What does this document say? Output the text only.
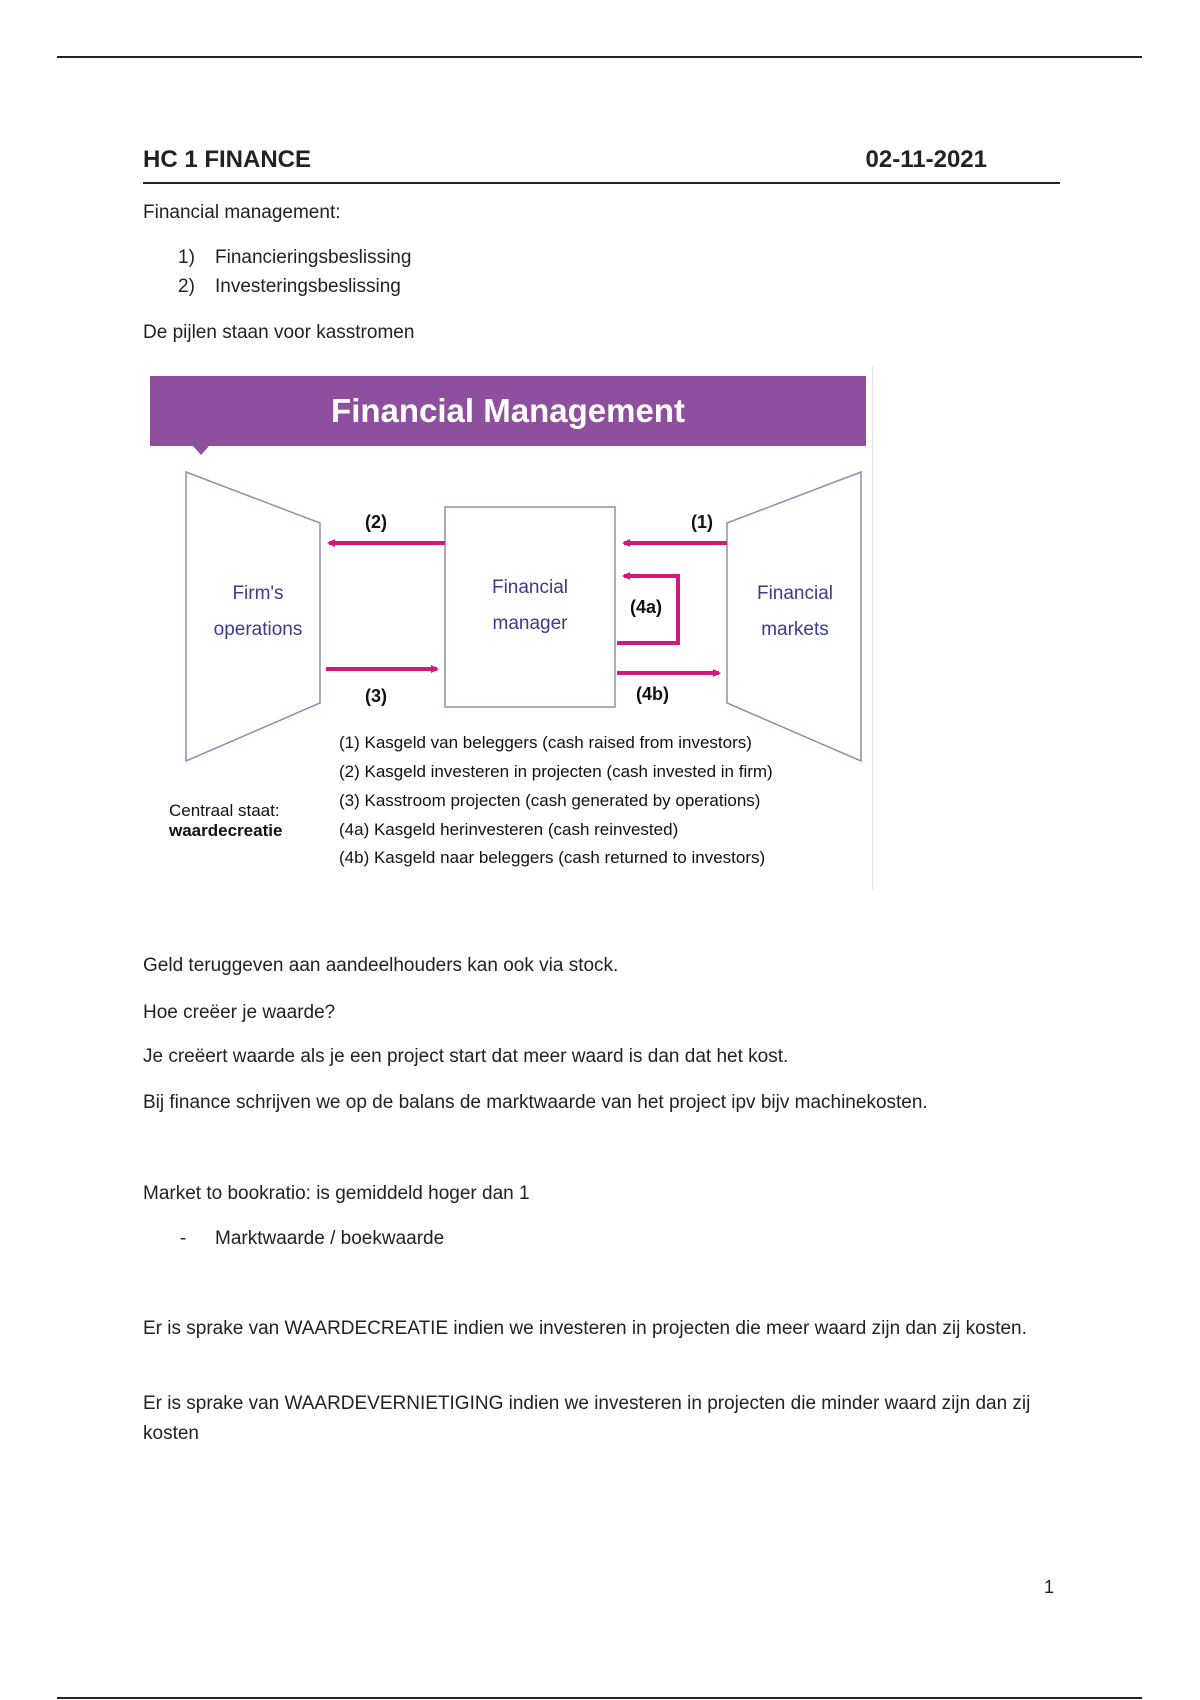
HC 1 FINANCE	02-11-2021
Financial management:
1) Financieringsbeslissing
2) Investeringsbeslissing
De pijlen staan voor kasstromen
Financial Management
Firm's
operations
Financial
manager
Financial
markets
(2)	(1)
(4a)
(3)	(4b)
(1) Kasgeld van beleggers (cash raised from investors)
(2) Kasgeld investeren in projecten (cash invested in firm)
(3) Kasstroom projecten (cash generated by operations)
(4a) Kasgeld herinvesteren (cash reinvested)
(4b) Kasgeld naar beleggers (cash returned to investors)
Centraal staat:
waardecreatie
Geld teruggeven aan aandeelhouders kan ook via stock.
Hoe creëer je waarde?
Je creëert waarde als je een project start dat meer waard is dan dat het kost.
Bij finance schrijven we op de balans de marktwaarde van het project ipv bijv machinekosten.
Market to bookratio: is gemiddeld hoger dan 1
- Marktwaarde / boekwaarde
Er is sprake van WAARDECREATIE indien we investeren in projecten die meer waard zijn dan zij kosten.
Er is sprake van WAARDEVERNIETIGING indien we investeren in projecten die minder waard zijn dan zij kosten
1
